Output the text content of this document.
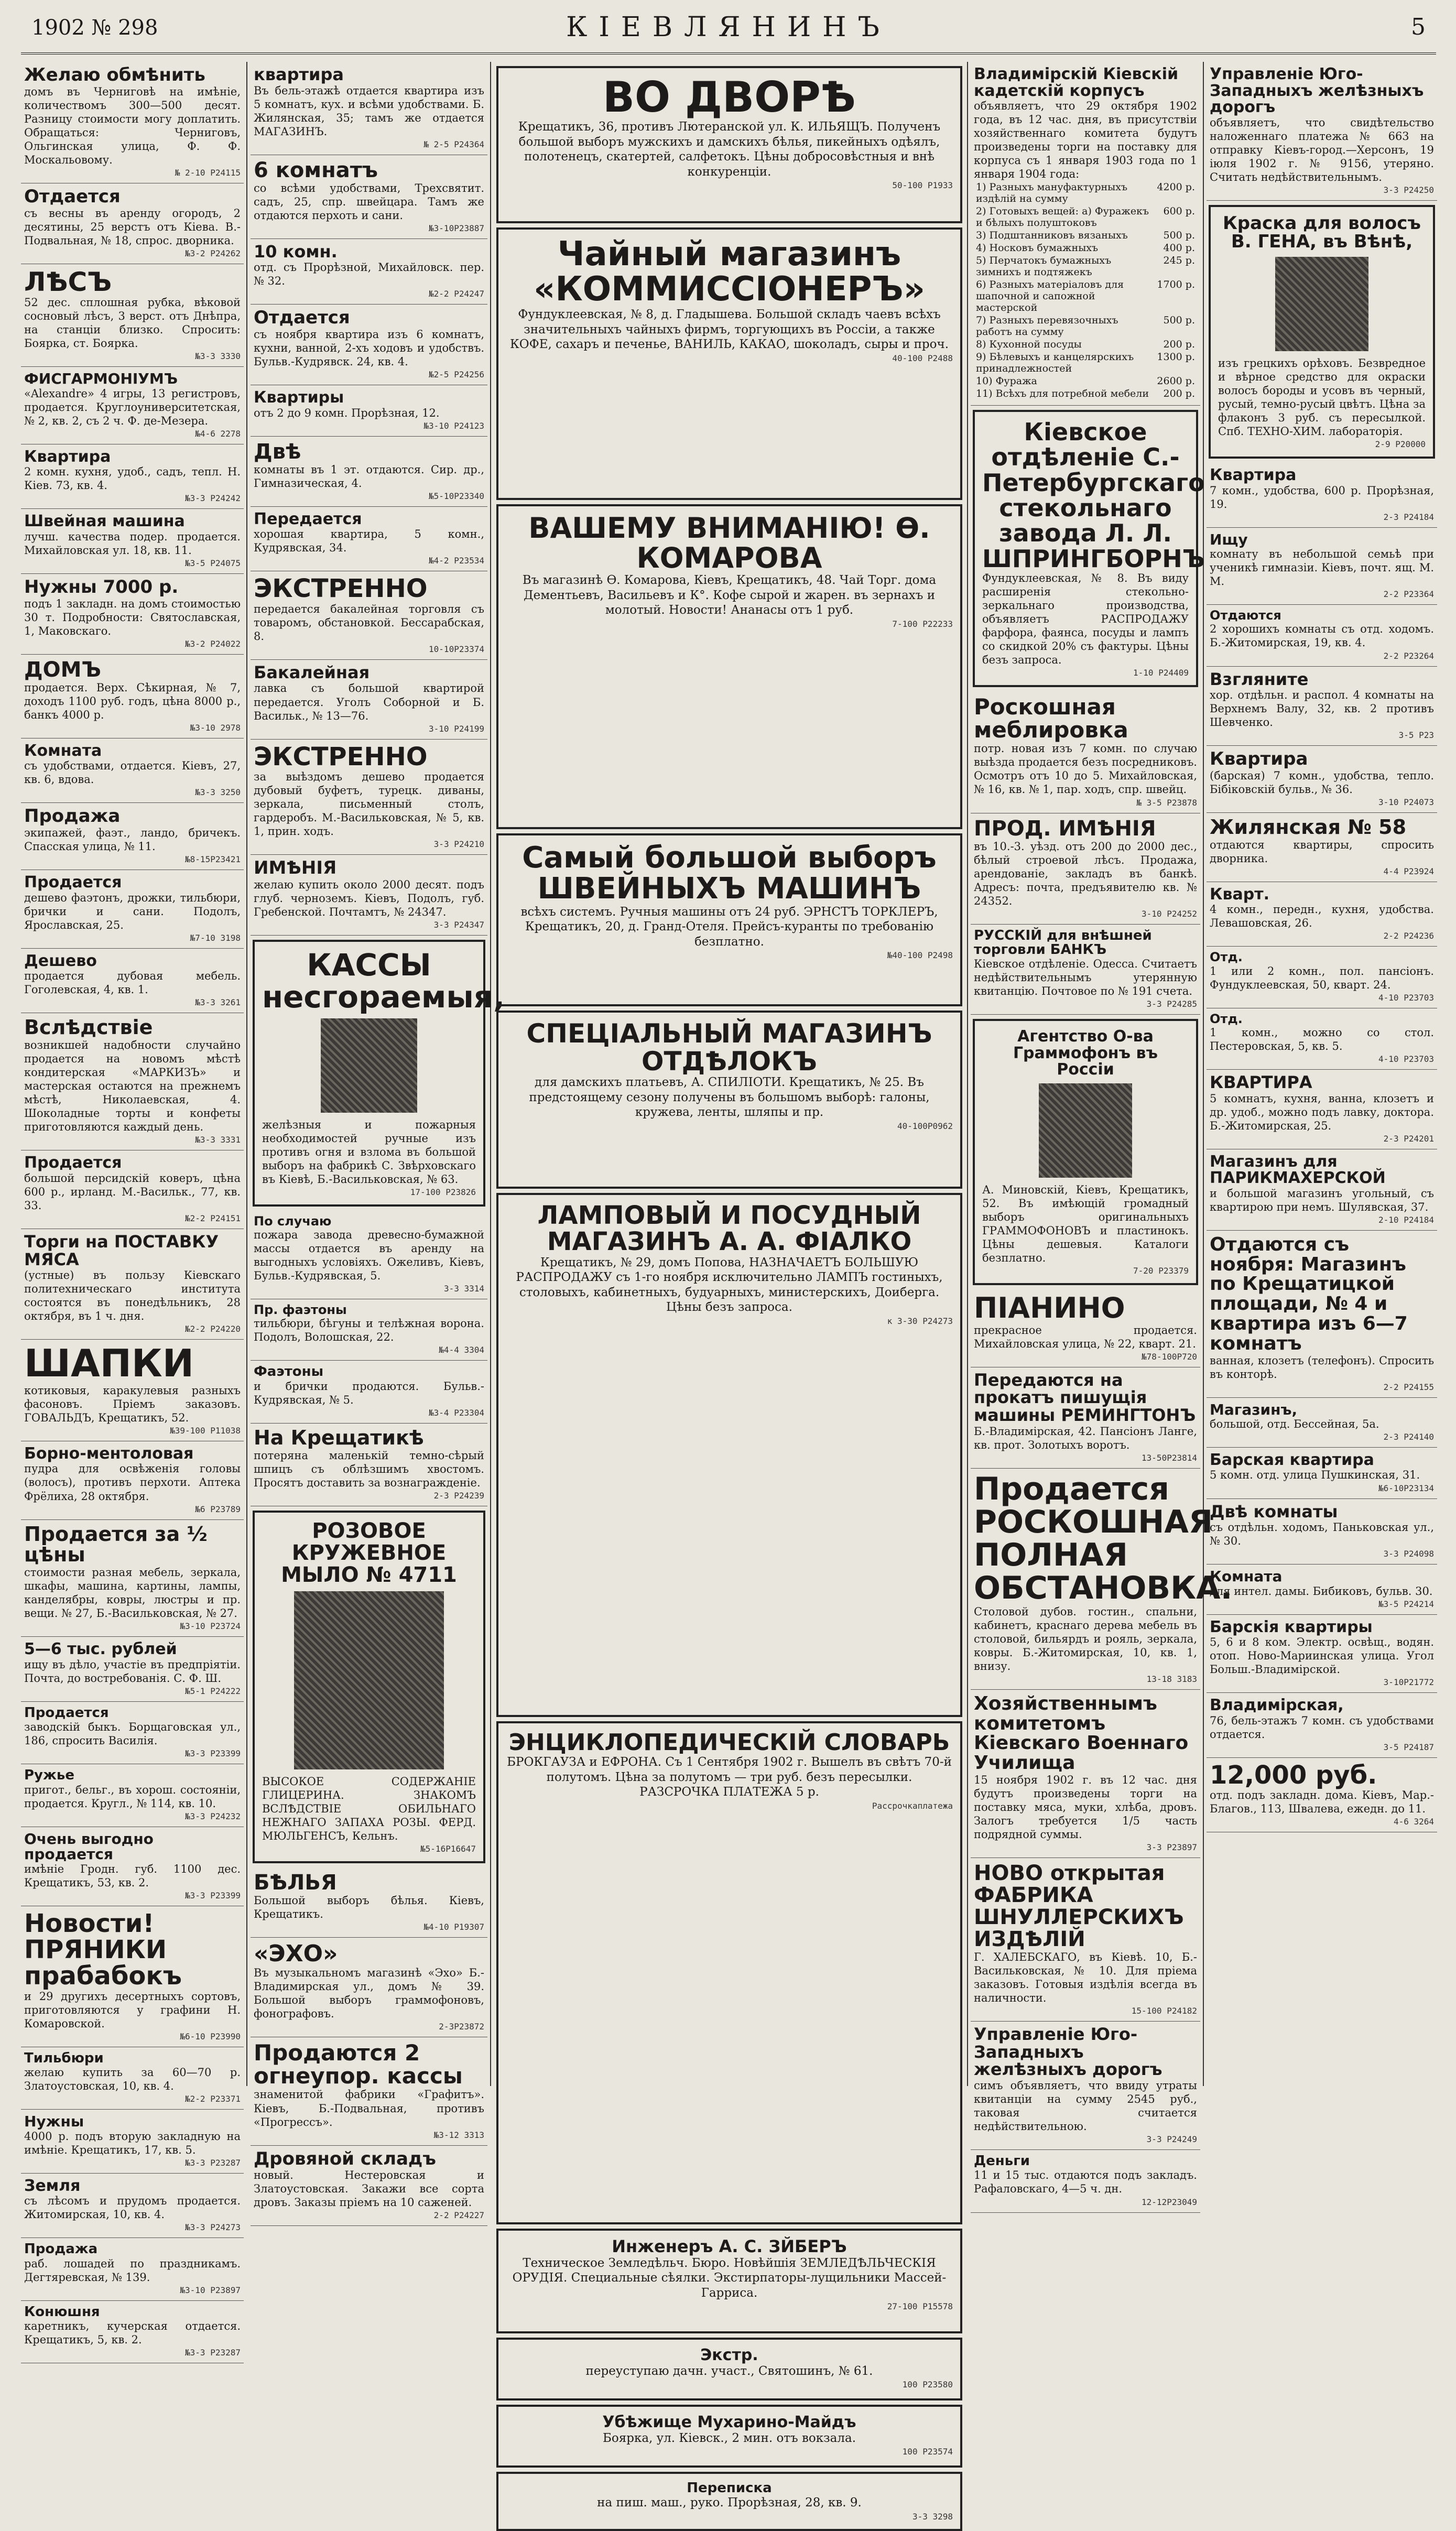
1902 № 298	КІЕВЛЯНИНЪ	5
Желаю обмѣнить
домъ въ Черниговѣ на имѣніе, количествомъ 300—500 десят. Разницу стоимости могу доплатить. Обращаться: Черниговъ, Ольгинская улица, Ф. Ф. Москальовому.
№ 2-10 Р24115
Отдается
съ весны въ аренду огородъ, 2 десятины, 25 верстъ отъ Кіева. В.-Подвальная, № 18, спрос. дворника.
№3-2 Р24262
ЛѢСЪ
52 дес. сплошная рубка, вѣковой сосновый лѣсъ, 3 верст. отъ Днѣпра, на станціи близко. Спросить: Боярка, ст. Боярка.
№3-3 3330
ФИСГАРМОНІУМЪ
«Alexandre» 4 игры, 13 регистровъ, продается. Круглоуниверситетская, № 2, кв. 2, съ 2 ч. Ф. де-Мезера.
№4-6 2278
Квартира
2 комн. кухня, удоб., садъ, тепл. Н. Кіев. 73, кв. 4.
№3-3 Р24242
Швейная машина
лучш. качества подер. продается. Михайловская ул. 18, кв. 11.
№3-5 Р24075
Нужны 7000 р.
подъ 1 закладн. на домъ стоимостью 30 т. Подробности: Святославская, 1, Маковскаго.
№3-2 Р24022
ДОМЪ
продается. Верх. Сѣкирная, № 7, доходъ 1100 руб. годъ, цѣна 8000 р., банкъ 4000 р.
№3-10 2978
Комната
съ удобствами, отдается. Кіевъ, 27, кв. 6, вдова.
№3-3 3250
Продажа
экипажей, фаэт., ландо, бричекъ. Спасская улица, № 11.
№8-15Р23421
Продается
дешево фаэтонъ, дрожки, тильбюри, брички и сани. Подолъ, Ярославская, 25.
№7-10 3198
Дешево
продается дубовая мебель. Гоголевская, 4, кв. 1.
№3-3 3261
Вслѣдствіе
возникшей надобности случайно продается на новомъ мѣстѣ кондитерская «МАРКИЗЪ» и мастерская остаются на прежнемъ мѣстѣ, Николаевская, 4. Шоколадные торты и конфеты приготовляются каждый день.
№3-3 3331
Продается
большой персидскій коверъ, цѣна 600 р., ирланд. М.-Васильк., 77, кв. 33.
№2-2 Р24151
Торги на ПОСТАВКУ МЯСА
(устные) въ пользу Кіевскаго политехническаго института состоятся въ понедѣльникъ, 28 октября, въ 1 ч. дня.
№2-2 Р24220
ШАПКИ
котиковыя, каракулевыя разныхъ фасоновъ. Пріемъ заказовъ. ГОВАЛЬДЪ, Крещатикъ, 52.
№39-100 Р11038
Борно-ментоловая
пудра для освѣженія головы (волосъ), противъ перхоти. Аптека Фрёлиха, 28 октября.
№6 Р23789
Продается за ½ цѣны
стоимости разная мебель, зеркала, шкафы, машина, картины, лампы, канделябры, ковры, люстры и пр. вещи. № 27, Б.-Васильковская, № 27.
№3-10 Р23724
5—6 тыс. рублей
ищу въ дѣло, участіе въ предпріятіи. Почта, до востребованія. С. Ф. Ш.
№5-1 Р24222
Продается
заводскій быкъ. Борщаговская ул., 186, спросить Василія.
№3-3 Р23399
Ружье
пригот., бельг., въ хорош. состояніи, продается. Кругл., № 114, кв. 10.
№3-3 Р24232
Очень выгодно продается
имѣніе Гродн. губ. 1100 дес. Крещатикъ, 53, кв. 2.
№3-3 Р23399
Новости! ПРЯНИКИ прабабокъ
и 29 другихъ десертныхъ сортовъ, приготовляются у графини Н. Комаровской.
№6-10 Р23990
Тильбюри
желаю купить за 60—70 р. Златоустовская, 10, кв. 4.
№2-2 Р23371
Нужны
4000 р. подъ вторую закладную на имѣніе. Крещатикъ, 17, кв. 5.
№3-3 Р23287
Земля
съ лѣсомъ и прудомъ продается. Житомирская, 10, кв. 4.
№3-3 Р24273
Продажа
раб. лошадей по праздникамъ. Дегтяревская, № 139.
№3-10 Р23897
Конюшня
каретникъ, кучерская отдается. Крещатикъ, 5, кв. 2.
№3-3 Р23287
квартира
Въ бель-этажѣ отдается квартира изъ 5 комнатъ, кух. и всѣми удобствами. Б. Жилянская, 35; тамъ же отдается МАГАЗИНЪ.
№ 2-5 Р24364
6 комнатъ
со всѣми удобствами, Трехсвятит. садъ, 25, спр. швейцара. Тамъ же отдаются перхоть и сани.
№3-10Р23887
10 комн.
отд. съ Прорѣзной, Михайловск. пер. № 32.
№2-2 Р24247
Отдается
съ ноября квартира изъ 6 комнатъ, кухни, ванной, 2-хъ ходовъ и удобствъ. Бульв.-Кудрявск. 24, кв. 4.
№2-5 Р24256
Квартиры
отъ 2 до 9 комн. Прорѣзная, 12.
№3-10 Р24123
Двѣ
комнаты въ 1 эт. отдаются. Сир. др., Гимназическая, 4.
№5-10Р23340
Передается
хорошая квартира, 5 комн., Кудрявская, 34.
№4-2 Р23534
ЭКСТРЕННО
передается бакалейная торговля съ товаромъ, обстановкой. Бессарабская, 8.
10-10Р23374
Бакалейная
лавка съ большой квартирой передается. Уголъ Соборной и Б. Васильк., № 13—76.
3-10 Р24199
ЭКСТРЕННО
за выѣздомъ дешево продается дубовый буфетъ, турецк. диваны, зеркала, письменный столъ, гардеробъ. М.-Васильковская, № 5, кв. 1, прин. ходъ.
3-3 Р24210
ИМѢНІЯ
желаю купить около 2000 десят. подъ глуб. черноземъ. Кіевъ, Подолъ, губ. Гребенской. Почтамтъ, № 24347.
3-3 Р24347
КАССЫ несгораемыя,
желѣзныя и пожарныя необходимостей ручные изъ противъ огня и взлома въ большой выборъ на фабрикѣ С. Звѣрховскаго въ Кіевѣ, Б.-Васильковская, № 63.
17-100 Р23826
По случаю
пожара завода древесно-бумажной массы отдается въ аренду на выгодныхъ условіяхъ. Ожеливъ, Кіевъ, Бульв.-Кудрявская, 5.
3-3 3314
Пр. фаэтоны
тильбюри, бѣгуны и телѣжная ворона. Подолъ, Волошская, 22.
№4-4 3304
Фаэтоны
и брички продаются. Бульв.-Кудрявская, № 5.
№3-4 Р23304
На Крещатикѣ
потеряна маленькій темно-сѣрый шпицъ съ облѣзшимъ хвостомъ. Просятъ доставить за вознагражденіе.
2-3 Р24239
РОЗОВОЕ КРУЖЕВНОЕ МЫЛО № 4711
ВЫСОКОЕ СОДЕРЖАНІЕ ГЛИЦЕРИНА. ЗНАКОМЪ ВСЛѢДСТВІЕ ОБИЛЬНАГО НЕЖНАГО ЗАПАХА РОЗЫ. ФЕРД. МЮЛЬГЕНСЪ, Кельнъ.
№5-16Р16647
БѢЛЬЯ
Большой выборъ бѣлья. Кіевъ, Крещатикъ.
№4-10 Р19307
«ЭХО»
Въ музыкальномъ магазинѣ «Эхо» Б.-Владимирская ул., домъ № 39. Большой выборъ граммофоновъ, фонографовъ.
2-3Р23872
Продаются 2 огнеупор. кассы
знаменитой фабрики «Графитъ». Кіевъ, Б.-Подвальная, противъ «Прогрессъ».
№3-12 3313
Дровяной складъ
новый. Нестеровская и Златоустовская. Закажи все сорта дровъ. Заказы пріемъ на 10 саженей.
2-2 Р24227
ВО ДВОРѢ
Крещатикъ, 36, противъ Лютеранской ул. К. ИЛЬЯЩЪ. Полученъ большой выборъ мужскихъ и дамскихъ бѣлья, пикейныхъ одѣялъ, полотенецъ, скатертей, салфетокъ. Цѣны добросовѣстныя и внѣ конкуренціи.
50-100 Р1933
Чайный магазинъ «КОММИССІОНЕРЪ»
Фундуклеевская, № 8, д. Гладышева. Большой складъ чаевъ всѣхъ значительныхъ чайныхъ фирмъ, торгующихъ въ Россіи, а также КОФЕ, сахаръ и печенье, ВАНИЛЬ, КАКАО, шоколадъ, сыры и проч.
40-100 Р2488
ВАШЕМУ ВНИМАНІЮ! Ѳ. КОМАРОВА
Въ магазинѣ Ѳ. Комарова, Кіевъ, Крещатикъ, 48. Чай Торг. дома Дементьевъ, Васильевъ и К°. Кофе сырой и жарен. въ зернахъ и молотый. Новости! Ананасы отъ 1 руб.
7-100 Р22233
Самый большой выборъ ШВЕЙНЫХЪ МАШИНЪ
всѣхъ системъ. Ручныя машины отъ 24 руб. ЭРНСТЪ ТОРКЛЕРЪ, Крещатикъ, 20, д. Гранд-Отеля. Прейсъ-куранты по требованію безплатно.
№40-100 Р2498
СПЕЦІАЛЬНЫЙ МАГАЗИНЪ ОТДѢЛОКЪ
для дамскихъ платьевъ, А. СПИЛІОТИ. Крещатикъ, № 25. Въ предстоящему сезону получены въ большомъ выборѣ: галоны, кружева, ленты, шляпы и пр.
40-100Р0962
ЛАМПОВЫЙ И ПОСУДНЫЙ МАГАЗИНЪ А. А. ФІАЛКО
Крещатикъ, № 29, домъ Попова, НАЗНАЧАЕТЪ БОЛЬШУЮ РАСПРОДАЖУ съ 1-го ноября исключительно ЛАМПЪ гостиныхъ, столовыхъ, кабинетныхъ, будуарныхъ, министерскихъ, Доиберга. Цѣны безъ запроса.
к 3-30 Р24273
ЭНЦИКЛОПЕДИЧЕСКІЙ СЛОВАРЬ
БРОКГАУЗА и ЕФРОНА. Съ 1 Сентября 1902 г. Вышелъ въ свѣтъ 70-й полутомъ. Цѣна за полутомъ — три руб. безъ пересылки. РАЗСРОЧКА ПЛАТЕЖА 5 р.
Рассрочкаплатежа
Инженеръ А. С. ЗЙБЕРЪ
Техническое Земледѣльч. Бюро. Новѣйшія ЗЕМЛЕДѢЛЬЧЕСКІЯ ОРУДІЯ. Специальные сѣялки. Экстирпаторы-лущильники Массей-Гарриса.
27-100 Р15578
Экстр.
переуступаю дачн. участ., Святошинъ, № 61.
100 Р23580
Убѣжище Мухарино-Майдъ
Боярка, ул. Кіевск., 2 мин. отъ вокзала.
100 Р23574
Переписка
на пиш. маш., руко. Прорѣзная, 28, кв. 9.
3-3 3298
Владимірскій Кіевскій кадетскій корпусъ
объявляетъ, что 29 октября 1902 года, въ 12 час. дня, въ присутствіи хозяйственнаго комитета будутъ произведены торги на поставку для корпуса съ 1 января 1903 года по 1 января 1904 года:
1) Разныхъ мануфактурныхъ издѣлій на сумму	4200 р.
2) Готовыхъ вещей: а) Фуражекъ и бѣлыхъ полуштоковъ	600 р.
3) Подштанниковъ вязаныхъ	500 р.
4) Носковъ бумажныхъ	400 р.
5) Перчатокъ бумажныхъ зимнихъ и подтяжекъ	245 р.
6) Разныхъ матеріаловъ для шапочной и сапожной мастерской	1700 р.
7) Разныхъ перевязочныхъ работъ на сумму	500 р.
8) Кухонной посуды	200 р.
9) Бѣлевыхъ и канцелярскихъ принадлежностей	1300 р.
10) Фуража	2600 р.
11) Всѣхъ для потребной мебели	200 р.
Кіевское отдѣленіе С.-Петербургскаго стекольнаго завода Л. Л. ШПРИНГБОРНЪ
Фундуклеевская, № 8. Въ виду расширенія стекольно-зеркальнаго производства, объявляетъ РАСПРОДАЖУ фарфора, фаянса, посуды и лампъ со скидкой 20% съ фактуры. Цѣны безъ запроса.
1-10 Р24409
Роскошная меблировка
потр. новая изъ 7 комн. по случаю выѣзда продается безъ посредниковъ. Осмотръ отъ 10 до 5. Михайловская, № 16, кв. № 1, пар. ходъ, спр. швейц.
№ 3-5 Р23878
ПРОД. ИМѢНІЯ
въ 10.-3. уѣзд. отъ 200 до 2000 дес., бѣлый строевой лѣсъ. Продажа, арендованіе, закладъ въ банкѣ. Адресъ: почта, предъявителю кв. № 24352.
3-10 Р24252
РУССКІЙ для внѣшней торговли БАНКЪ
Кіевское отдѣленіе. Одесса. Считаетъ недѣйствительнымъ утерянную квитанцію. Почтовое по № 191 счета.
3-3 Р24285
Агентство О-ва Граммофонъ въ Россіи
А. Миновскій, Кіевъ, Крещатикъ, 52. Въ имѣющій громадный выборъ оригинальныхъ ГРАММОФОНОВЪ и пластинокъ. Цѣны дешевыя. Каталоги безплатно.
7-20 Р23379
ПІАНИНО
прекрасное продается. Михайловская улица, № 22, кварт. 21.
№78-100Р720
Передаются на прокатъ пишущія машины РЕМИНГТОНЪ
Б.-Владимірская, 42. Пансіонъ Ланге, кв. прот. Золотыхъ воротъ.
13-50Р23814
Продается РОСКОШНАЯ ПОЛНАЯ ОБСТАНОВКА.
Столовой дубов. гостин., спальни, кабинетъ, краснаго дерева мебель въ столовой, бильярдъ и рояль, зеркала, ковры. Б.-Житомирская, 10, кв. 1, внизу.
13-18 3183
Хозяйственнымъ комитетомъ Кіевскаго Военнаго Училища
15 ноября 1902 г. въ 12 час. дня будутъ произведены торги на поставку мяса, муки, хлѣба, дровъ. Залогъ требуется 1/5 часть подрядной суммы.
3-3 Р23897
НОВО открытая ФАБРИКА ШНУЛЛЕРСКИХЪ ИЗДѢЛІЙ
Г. ХАЛЕБСКАГО, въ Кіевѣ. 10, Б.-Васильковская, № 10. Для пріема заказовъ. Готовыя издѣлія всегда въ наличности.
15-100 Р24182
Управленіе Юго-Западныхъ желѣзныхъ дорогъ
симъ объявляетъ, что ввиду утраты квитанціи на сумму 2545 руб., таковая считается недѣйствительною.
3-3 Р24249
Деньги
11 и 15 тыс. отдаются подъ закладъ. Рафаловскаго, 4—5 ч. дн.
12-12Р23049
Управленіе Юго-Западныхъ желѣзныхъ дорогъ
объявляетъ, что свидѣтельство наложеннаго платежа № 663 на отправку Кіевъ-город.—Херсонъ, 19 іюля 1902 г. № 9156, утеряно. Считать недѣйствительнымъ.
3-3 Р24250
Краска для волосъ В. ГЕНА, въ Вѣнѣ,
изъ грецкихъ орѣховъ. Безвредное и вѣрное средство для окраски волосъ бороды и усовъ въ черный, русый, темно-русый цвѣтъ. Цѣна за флаконъ 3 руб. съ пересылкой. Спб. ТЕХНО-ХИМ. лабораторія.
2-9 Р20000
Квартира
7 комн., удобства, 600 р. Прорѣзная, 19.
2-3 Р24184
Ищу
комнату въ небольшой семьѣ при ученикѣ гимназіи. Кіевъ, почт. ящ. М. М.
2-2 Р23364
Отдаются
2 хорошихъ комнаты съ отд. ходомъ. Б.-Житомирская, 19, кв. 4.
2-2 Р23264
Взгляните
хор. отдѣльн. и распол. 4 комнаты на Верхнемъ Валу, 32, кв. 2 противъ Шевченко.
3-5 Р23
Квартира
(барская) 7 комн., удобства, тепло. Бібіковскій бульв., № 36.
3-10 Р24073
Жилянская № 58
отдаются квартиры, спросить дворника.
4-4 Р23924
Кварт.
4 комн., передн., кухня, удобства. Левашовская, 26.
2-2 Р24236
Отд.
1 или 2 комн., пол. пансіонъ. Фундуклеевская, 50, кварт. 24.
4-10 Р23703
Отд.
1 комн., можно со стол. Пестеровская, 5, кв. 5.
4-10 Р23703
КВАРТИРА
5 комнатъ, кухня, ванна, клозетъ и др. удоб., можно подъ лавку, доктора. Б.-Житомирская, 25.
2-3 Р24201
Магазинъ для ПАРИКМАХЕРСКОЙ
и большой магазинъ угольный, съ квартирою при немъ. Шулявская, 37.
2-10 Р24184
Отдаются съ ноября: Магазинъ по Крещатицкой площади, № 4 и квартира изъ 6—7 комнатъ
ванная, клозетъ (телефонъ). Спросить въ конторѣ.
2-2 Р24155
Магазинъ,
большой, отд. Бессейная, 5а.
2-3 Р24140
Барская квартира
5 комн. отд. улица Пушкинская, 31.
№6-10Р23134
Двѣ комнаты
съ отдѣльн. ходомъ, Паньковская ул., № 30.
3-3 Р24098
Комната
для интел. дамы. Бибиковъ, бульв. 30.
№3-5 Р24214
Барскія квартиры
5, 6 и 8 ком. Электр. освѣщ., водян. отоп. Ново-Мариинская улица. Угол Больш.-Владимірской.
3-10Р21772
Владимірская,
76, бель-этажъ 7 комн. съ удобствами отдается.
3-5 Р24187
12,000 руб.
отд. подъ закладн. дома. Кіевъ, Мар.-Благов., 113, Швалева, ежедн. до 11.
4-6 3264
